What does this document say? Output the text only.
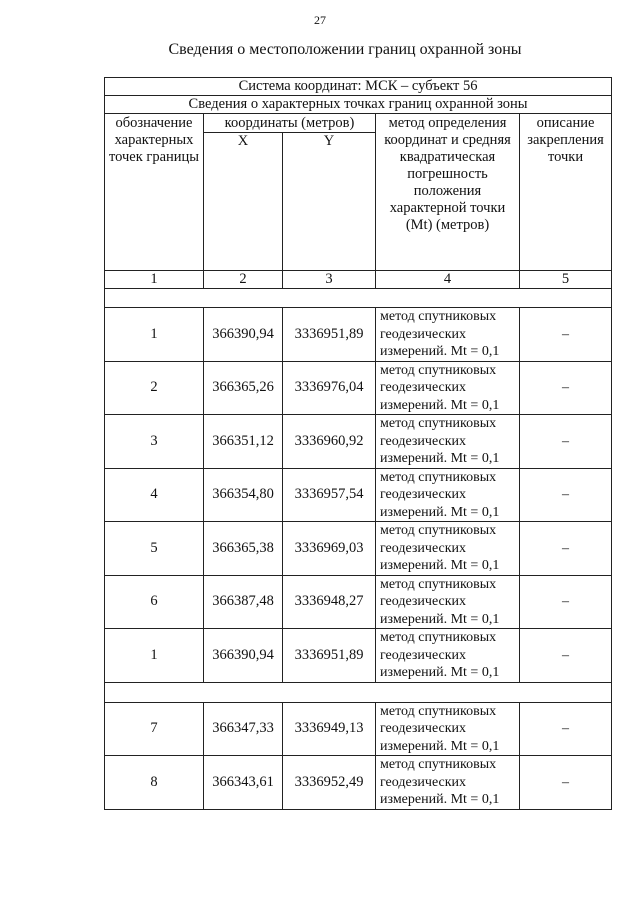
27
Сведения о местоположении границ охранной зоны
Система координат: МСК – субъект 56				
Сведения о характерных точках границ охранной зоны				
обозначение характерных точек границы	координаты (метров)		метод определения координат и средняя квадратическая погрешность положения характерной точки (Mt) (метров)	описание закрепления точки
	X	Y		
1	2	3	4	5

1	366390,94	3336951,89	метод спутниковых геодезических измерений. Mt = 0,1	–
2	366365,26	3336976,04	метод спутниковых геодезических измерений. Mt = 0,1	–
3	366351,12	3336960,92	метод спутниковых геодезических измерений. Mt = 0,1	–
4	366354,80	3336957,54	метод спутниковых геодезических измерений. Mt = 0,1	–
5	366365,38	3336969,03	метод спутниковых геодезических измерений. Mt = 0,1	–
6	366387,48	3336948,27	метод спутниковых геодезических измерений. Mt = 0,1	–
1	366390,94	3336951,89	метод спутниковых геодезических измерений. Mt = 0,1	–

7	366347,33	3336949,13	метод спутниковых геодезических измерений. Mt = 0,1	–
8	366343,61	3336952,49	метод спутниковых геодезических измерений. Mt = 0,1	–
